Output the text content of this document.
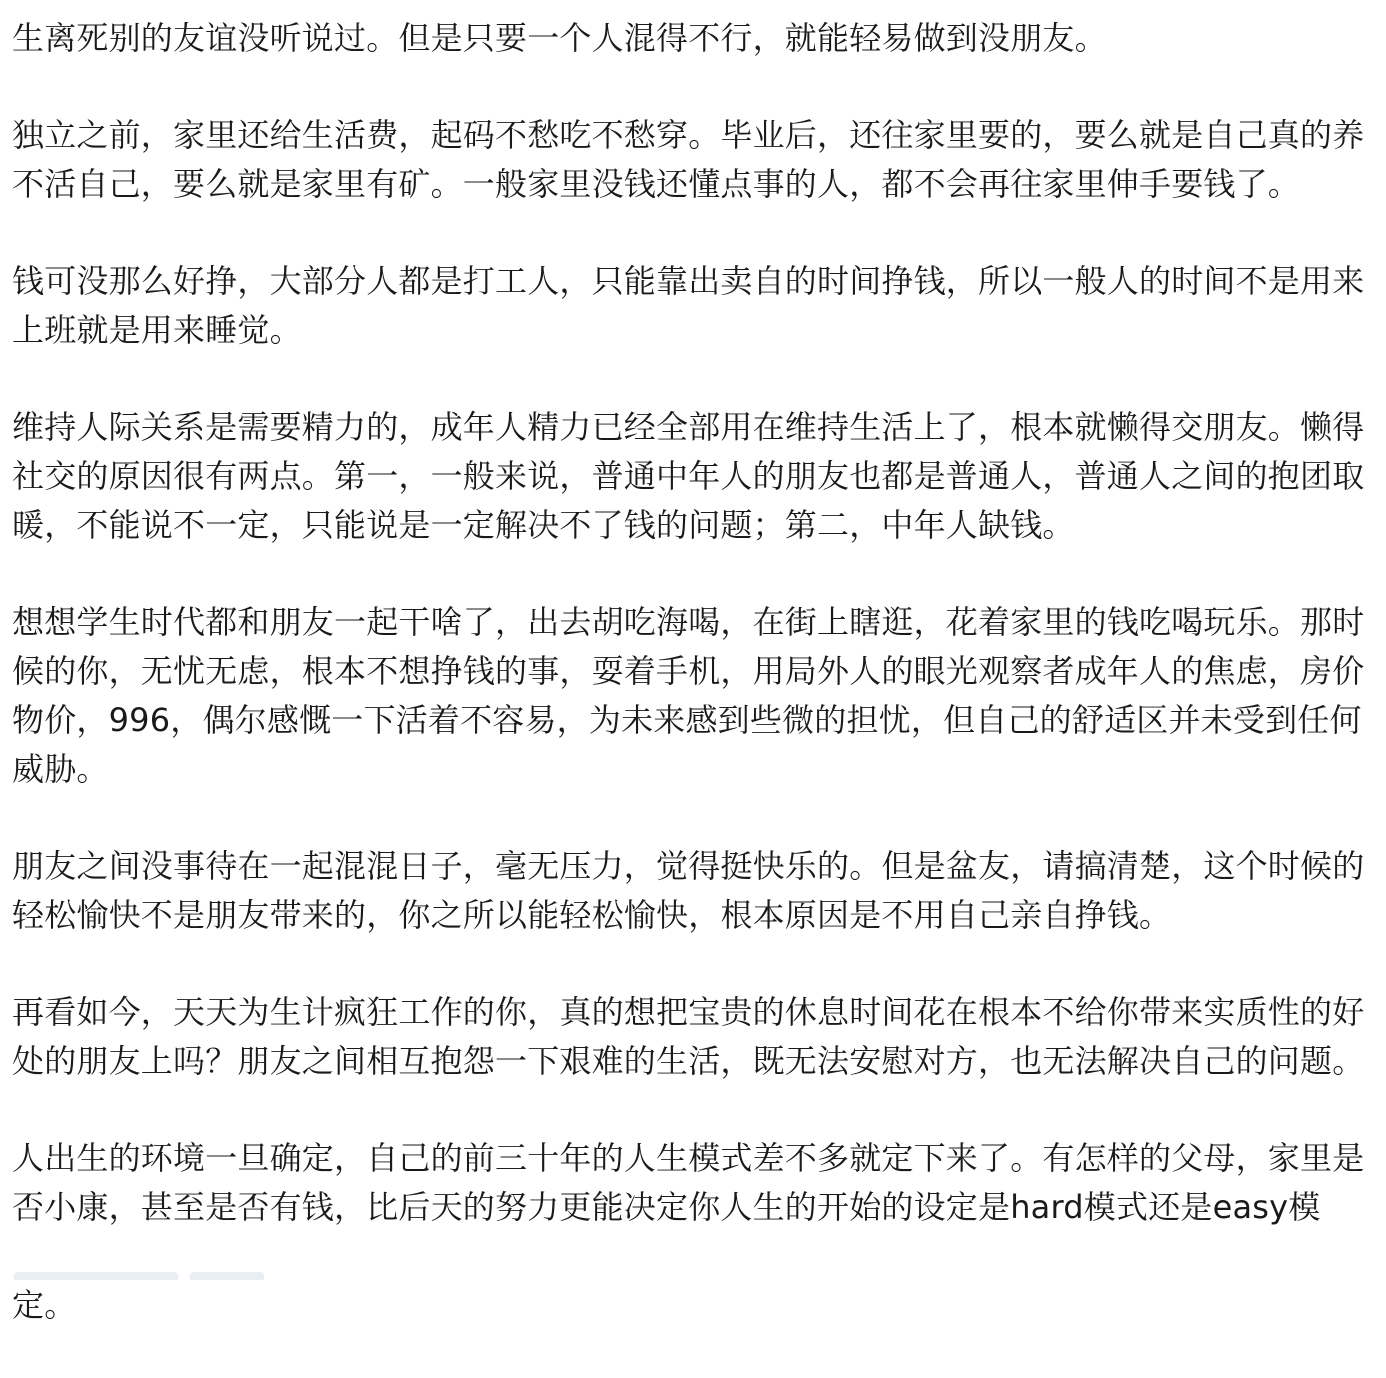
生离死别的友谊没听说过。但是只要一个人混得不行，就能轻易做到没朋友。

独立之前，家里还给生活费，起码不愁吃不愁穿。毕业后，还往家里要的，要么就是自己真的养不活自己，要么就是家里有矿。一般家里没钱还懂点事的人，都不会再往家里伸手要钱了。

钱可没那么好挣，大部分人都是打工人，只能靠出卖自的时间挣钱，所以一般人的时间不是用来上班就是用来睡觉。

维持人际关系是需要精力的，成年人精力已经全部用在维持生活上了，根本就懒得交朋友。懒得社交的原因很有两点。第一，一般来说，普通中年人的朋友也都是普通人，普通人之间的抱团取暖，不能说不一定，只能说是一定解决不了钱的问题；第二，中年人缺钱。

想想学生时代都和朋友一起干啥了，出去胡吃海喝，在街上瞎逛，花着家里的钱吃喝玩乐。那时候的你，无忧无虑，根本不想挣钱的事，耍着手机，用局外人的眼光观察者成年人的焦虑，房价物价，996，偶尔感慨一下活着不容易，为未来感到些微的担忧，但自己的舒适区并未受到任何威胁。

朋友之间没事待在一起混混日子，毫无压力，觉得挺快乐的。但是盆友，请搞清楚，这个时候的轻松愉快不是朋友带来的，你之所以能轻松愉快，根本原因是不用自己亲自挣钱。

再看如今，天天为生计疯狂工作的你，真的想把宝贵的休息时间花在根本不给你带来实质性的好处的朋友上吗？朋友之间相互抱怨一下艰难的生活，既无法安慰对方，也无法解决自己的问题。

人出生的环境一旦确定，自己的前三十年的人生模式差不多就定下来了。有怎样的父母，家里是否小康，甚至是否有钱，比后天的努力更能决定你人生的开始的设定是hard模式还是easy模 定。
